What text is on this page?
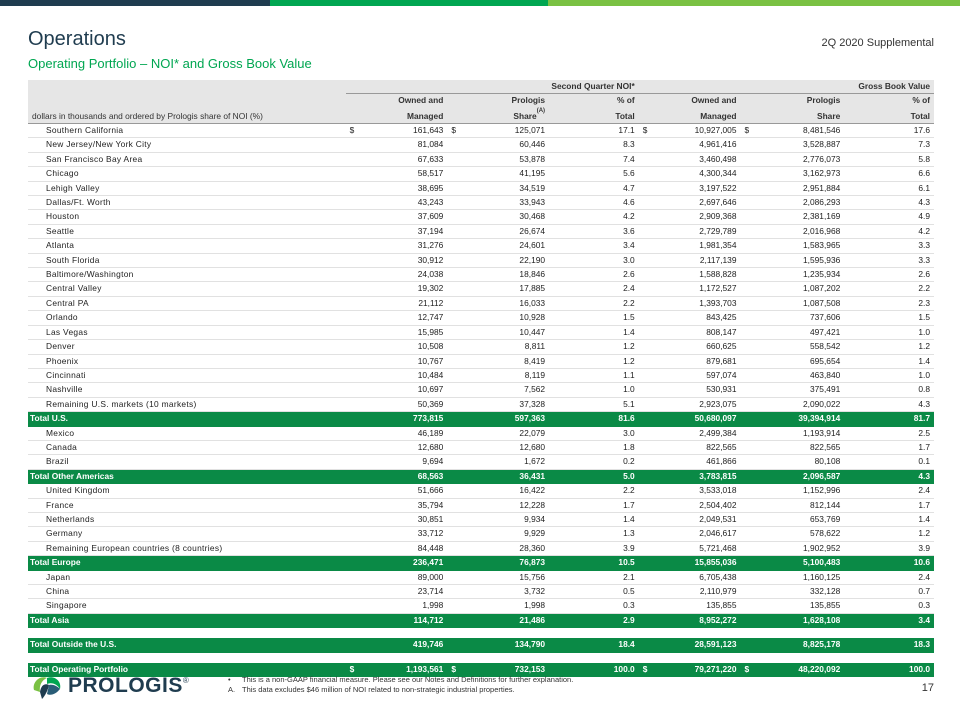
Operations
Operating Portfolio – NOI* and Gross Book Value
2Q 2020 Supplemental
	Second Quarter NOI*					Gross Book Value				
	Owned and		Prologis		% of	Owned and		Prologis		% of
dollars in thousands and ordered by Prologis share of NOI (%)	Managed		Share$^{(A)}$		Total	Managed		Share		Total
Southern California	$	161,643	$	125,071	17.1	$	10,927,005	$	8,481,546	17.6
New Jersey/New York City		81,084		60,446	8.3		4,961,416		3,528,887	7.3
San Francisco Bay Area		67,633		53,878	7.4		3,460,498		2,776,073	5.8
Chicago		58,517		41,195	5.6		4,300,344		3,162,973	6.6
Lehigh Valley		38,695		34,519	4.7		3,197,522		2,951,884	6.1
Dallas/Ft. Worth		43,243		33,943	4.6		2,697,646		2,086,293	4.3
Houston		37,609		30,468	4.2		2,909,368		2,381,169	4.9
Seattle		37,194		26,674	3.6		2,729,789		2,016,968	4.2
Atlanta		31,276		24,601	3.4		1,981,354		1,583,965	3.3
South Florida		30,912		22,190	3.0		2,117,139		1,595,936	3.3
Baltimore/Washington		24,038		18,846	2.6		1,588,828		1,235,934	2.6
Central Valley		19,302		17,885	2.4		1,172,527		1,087,202	2.2
Central PA		21,112		16,033	2.2		1,393,703		1,087,508	2.3
Orlando		12,747		10,928	1.5		843,425		737,606	1.5
Las Vegas		15,985		10,447	1.4		808,147		497,421	1.0
Denver		10,508		8,811	1.2		660,625		558,542	1.2
Phoenix		10,767		8,419	1.2		879,681		695,654	1.4
Cincinnati		10,484		8,119	1.1		597,074		463,840	1.0
Nashville		10,697		7,562	1.0		530,931		375,491	0.8
Remaining U.S. markets (10 markets)		50,369		37,328	5.1		2,923,075		2,090,022	4.3
Total U.S.		773,815		597,363	81.6		50,680,097		39,394,914	81.7
Mexico		46,189		22,079	3.0		2,499,384		1,193,914	2.5
Canada		12,680		12,680	1.8		822,565		822,565	1.7
Brazil		9,694		1,672	0.2		461,866		80,108	0.1
Total Other Americas		68,563		36,431	5.0		3,783,815		2,096,587	4.3
United Kingdom		51,666		16,422	2.2		3,533,018		1,152,996	2.4
France		35,794		12,228	1.7		2,504,402		812,144	1.7
Netherlands		30,851		9,934	1.4		2,049,531		653,769	1.4
Germany		33,712		9,929	1.3		2,046,617		578,622	1.2
Remaining European countries (8 countries)		84,448		28,360	3.9		5,721,468		1,902,952	3.9
Total Europe		236,471		76,873	10.5		15,855,036		5,100,483	10.6
Japan		89,000		15,756	2.1		6,705,438		1,160,125	2.4
China		23,714		3,732	0.5		2,110,979		332,128	0.7
Singapore		1,998		1,998	0.3		135,855		135,855	0.3
Total Asia		114,712		21,486	2.9		8,952,272		1,628,108	3.4

Total Outside the U.S.		419,746		134,790	18.4		28,591,123		8,825,178	18.3

Total Operating Portfolio	$	1,193,561	$	732,153	100.0	$	79,271,220	$	48,220,092	100.0
PROLOGIS ®	•	This is a non-GAAP financial measure. Please see our Notes and Definitions for further explanation.
A. This data excludes $46 million of NOI related to non-strategic industrial properties.	17
